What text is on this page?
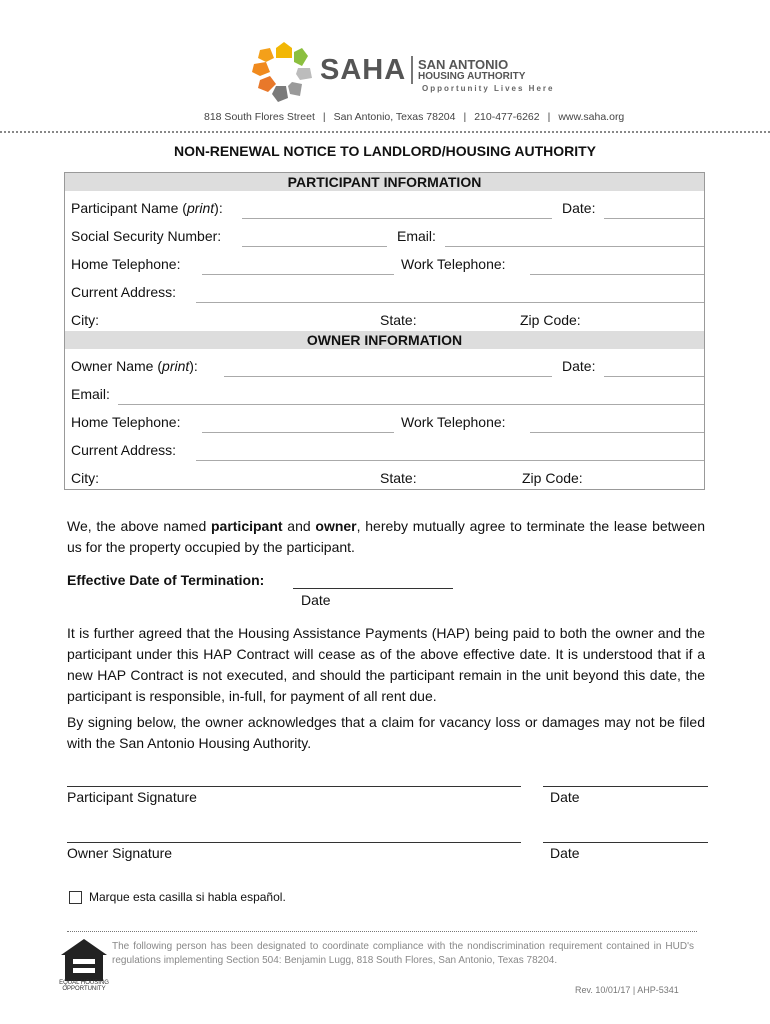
SAHA SAN ANTONIO
HOUSING AUTHORITY
Opportunity Lives Here
818 South Flores Street | San Antonio, Texas 78204 | 210-477-6262 | www.saha.org
NON-RENEWAL NOTICE TO LANDLORD/HOUSING AUTHORITY
PARTICIPANT INFORMATION
Participant Name (print):	Date:
Social Security Number:	Email:
Home Telephone:	Work Telephone:
Current Address:
City:	State:	Zip Code:
OWNER INFORMATION
Owner Name (print):	Date:
Email:
Home Telephone:	Work Telephone:
Current Address:
City:	State:	Zip Code:
We, the above named participant and owner, hereby mutually agree to terminate the lease between us for the property occupied by the participant.
Effective Date of Termination:
Date
It is further agreed that the Housing Assistance Payments (HAP) being paid to both the owner and the participant under this HAP Contract will cease as of the above effective date. It is understood that if a new HAP Contract is not executed, and should the participant remain in the unit beyond this date, the participant is responsible, in-full, for payment of all rent due.
By signing below, the owner acknowledges that a claim for vacancy loss or damages may not be filed with the San Antonio Housing Authority.
Participant Signature	Date
Owner Signature	Date
Marque esta casilla si habla español.
EQUAL HOUSING OPPORTUNITY
The following person has been designated to coordinate compliance with the nondiscrimination requirement contained in HUD's regulations implementing Section 504: Benjamin Lugg, 818 South Flores, San Antonio, Texas 78204.
Rev. 10/01/17 | AHP-5341
